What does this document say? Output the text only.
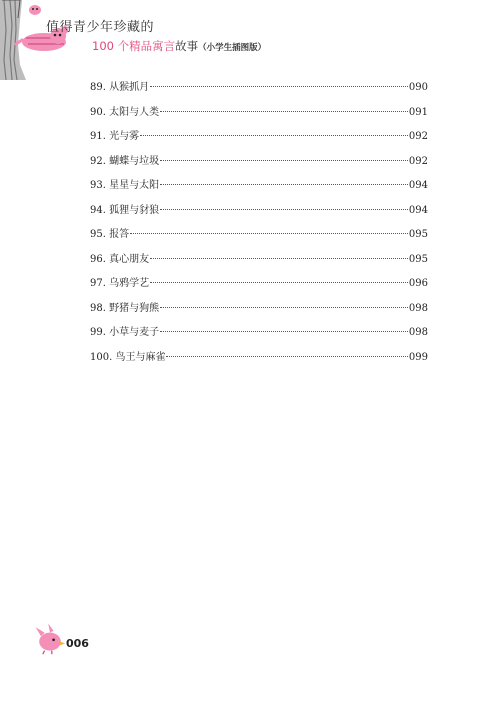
值得青少年珍藏的
100 个精品寓言故事（小学生插图版）
89. 从猴抓月	090
90. 太阳与人类	091
91. 光与雾	092
92. 蝴蝶与垃圾	092
93. 星星与太阳	094
94. 狐狸与豺狼	094
95. 报答	095
96. 真心朋友	095
97. 乌鸦学艺	096
98. 野猪与狗熊	098
99. 小草与麦子	098
100. 鸟王与麻雀	099
006
